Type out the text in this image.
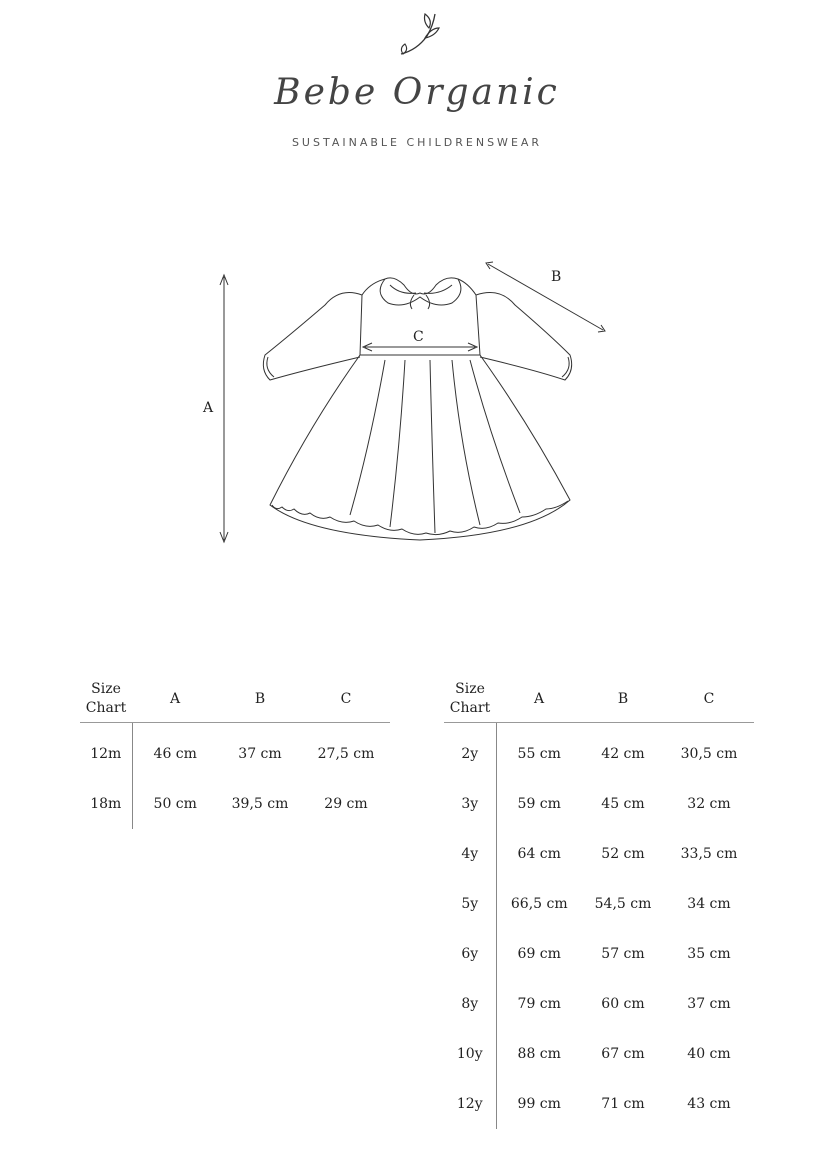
Bebe Organic
SUSTAINABLE CHILDRENSWEAR
A
B
C
Size Chart	A	B	C
12m	46 cm	37 cm	27,5 cm
18m	50 cm	39,5 cm	29 cm
Size Chart	A	B	C
2y	55 cm	42 cm	30,5 cm
3y	59 cm	45 cm	32 cm
4y	64 cm	52 cm	33,5 cm
5y	66,5 cm	54,5 cm	34 cm
6y	69 cm	57 cm	35 cm
8y	79 cm	60 cm	37 cm
10y	88 cm	67 cm	40 cm
12y	99 cm	71 cm	43 cm
